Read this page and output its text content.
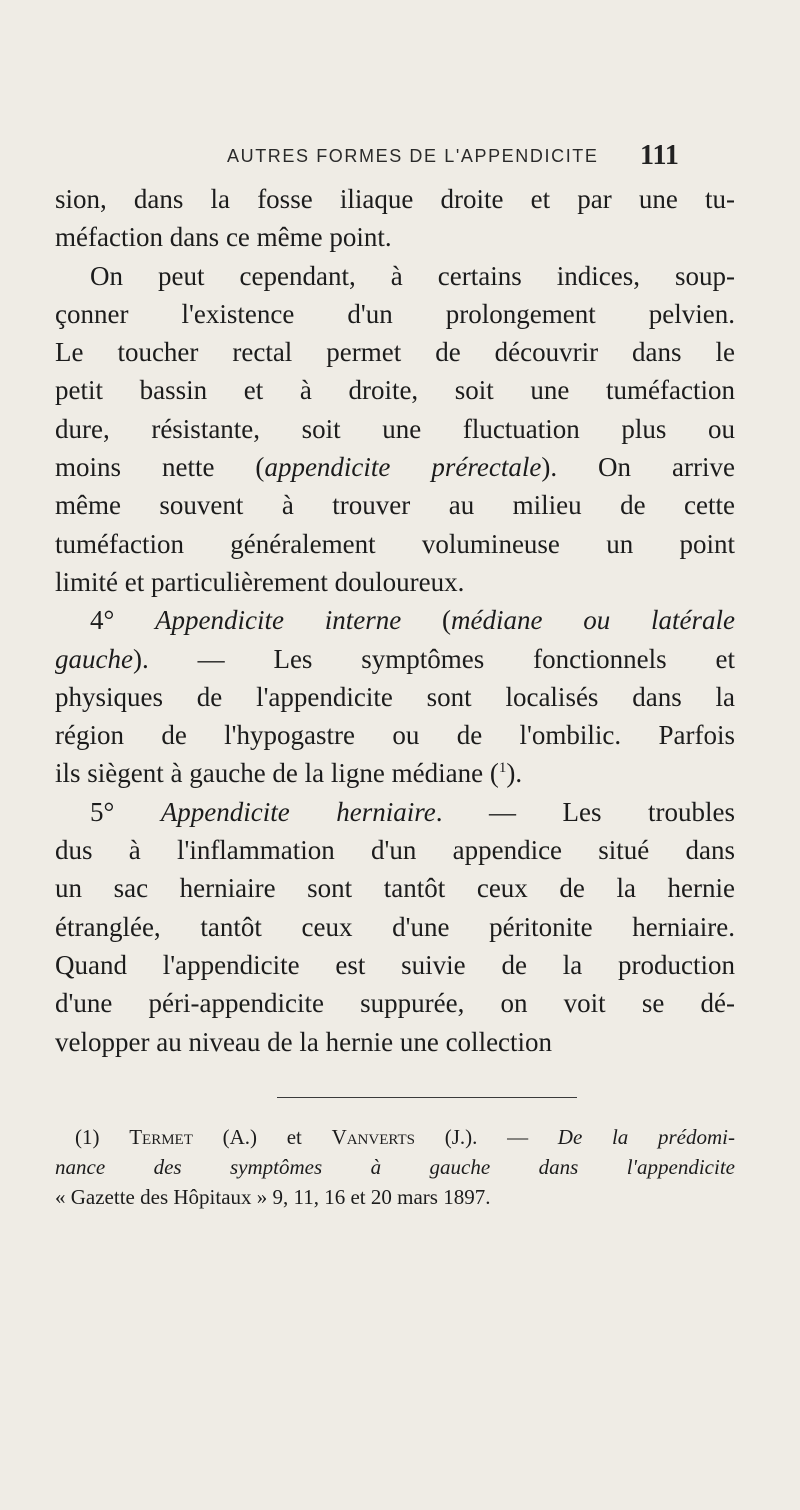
AUTRES FORMES DE L'APPENDICITE 111
sion, dans la fosse iliaque droite et par une tu-
méfaction dans ce même point.
On peut cependant, à certains indices, soup-
çonner l'existence d'un prolongement pelvien.
Le toucher rectal permet de découvrir dans le
petit bassin et à droite, soit une tuméfaction
dure, résistante, soit une fluctuation plus ou
moins nette (appendicite prérectale). On arrive
même souvent à trouver au milieu de cette
tuméfaction généralement volumineuse un point
limité et particulièrement douloureux.
4° Appendicite interne (médiane ou latérale
gauche). — Les symptômes fonctionnels et
physiques de l'appendicite sont localisés dans la
région de l'hypogastre ou de l'ombilic. Parfois
ils siègent à gauche de la ligne médiane ($^1$).
5° Appendicite herniaire. — Les troubles
dus à l'inflammation d'un appendice situé dans
un sac herniaire sont tantôt ceux de la hernie
étranglée, tantôt ceux d'une péritonite herniaire.
Quand l'appendicite est suivie de la production
d'une péri-appendicite suppurée, on voit se dé-
velopper au niveau de la hernie une collection
(1) Termet (A.) et Vanverts (J.). — De la prédomi-
nance des symptômes à gauche dans l'appendicite
« Gazette des Hôpitaux » 9, 11, 16 et 20 mars 1897.
